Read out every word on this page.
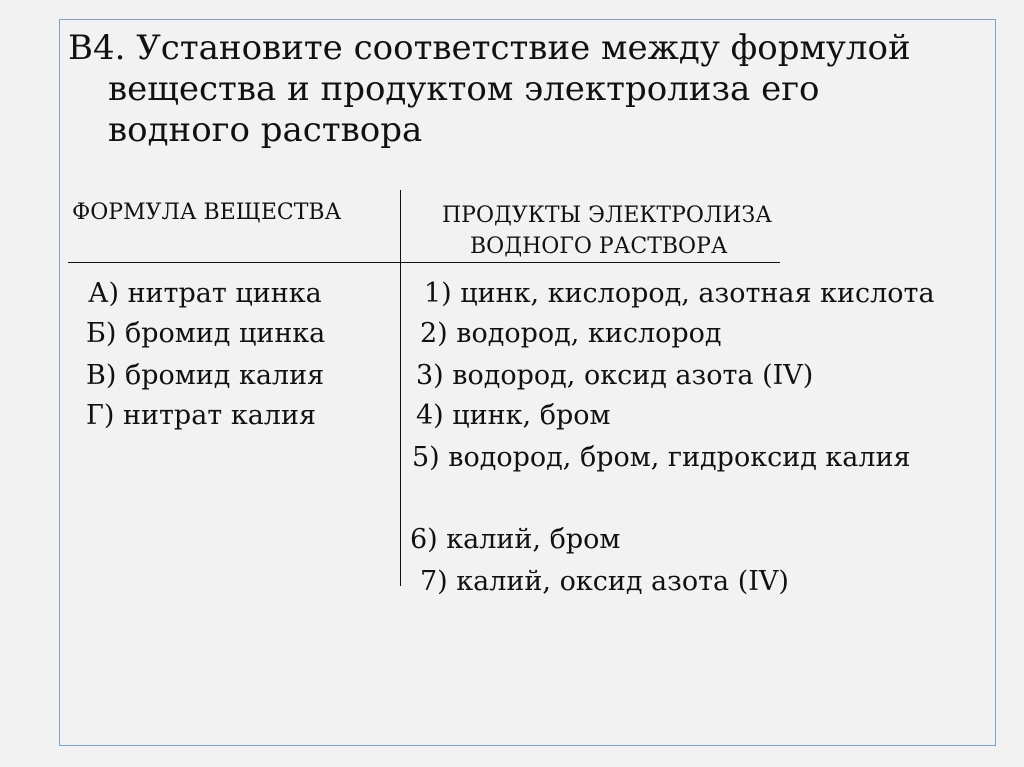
B4. Установите соответствие между формулой
вещества и продуктом электролиза его
водного раствора
ФОРМУЛА ВЕЩЕСТВА	ПРОДУКТЫ ЭЛЕКТРОЛИЗА
ВОДНОГО РАСТВОРА
А) нитрат цинка
Б) бромид цинка
В) бромид калия
Г) нитрат калия
1) цинк, кислород, азотная кислота
2) водород, кислород
3) водород, оксид азота (IV)
4) цинк, бром
5) водород, бром, гидроксид калия
6) калий, бром
7) калий, оксид азота (IV)
